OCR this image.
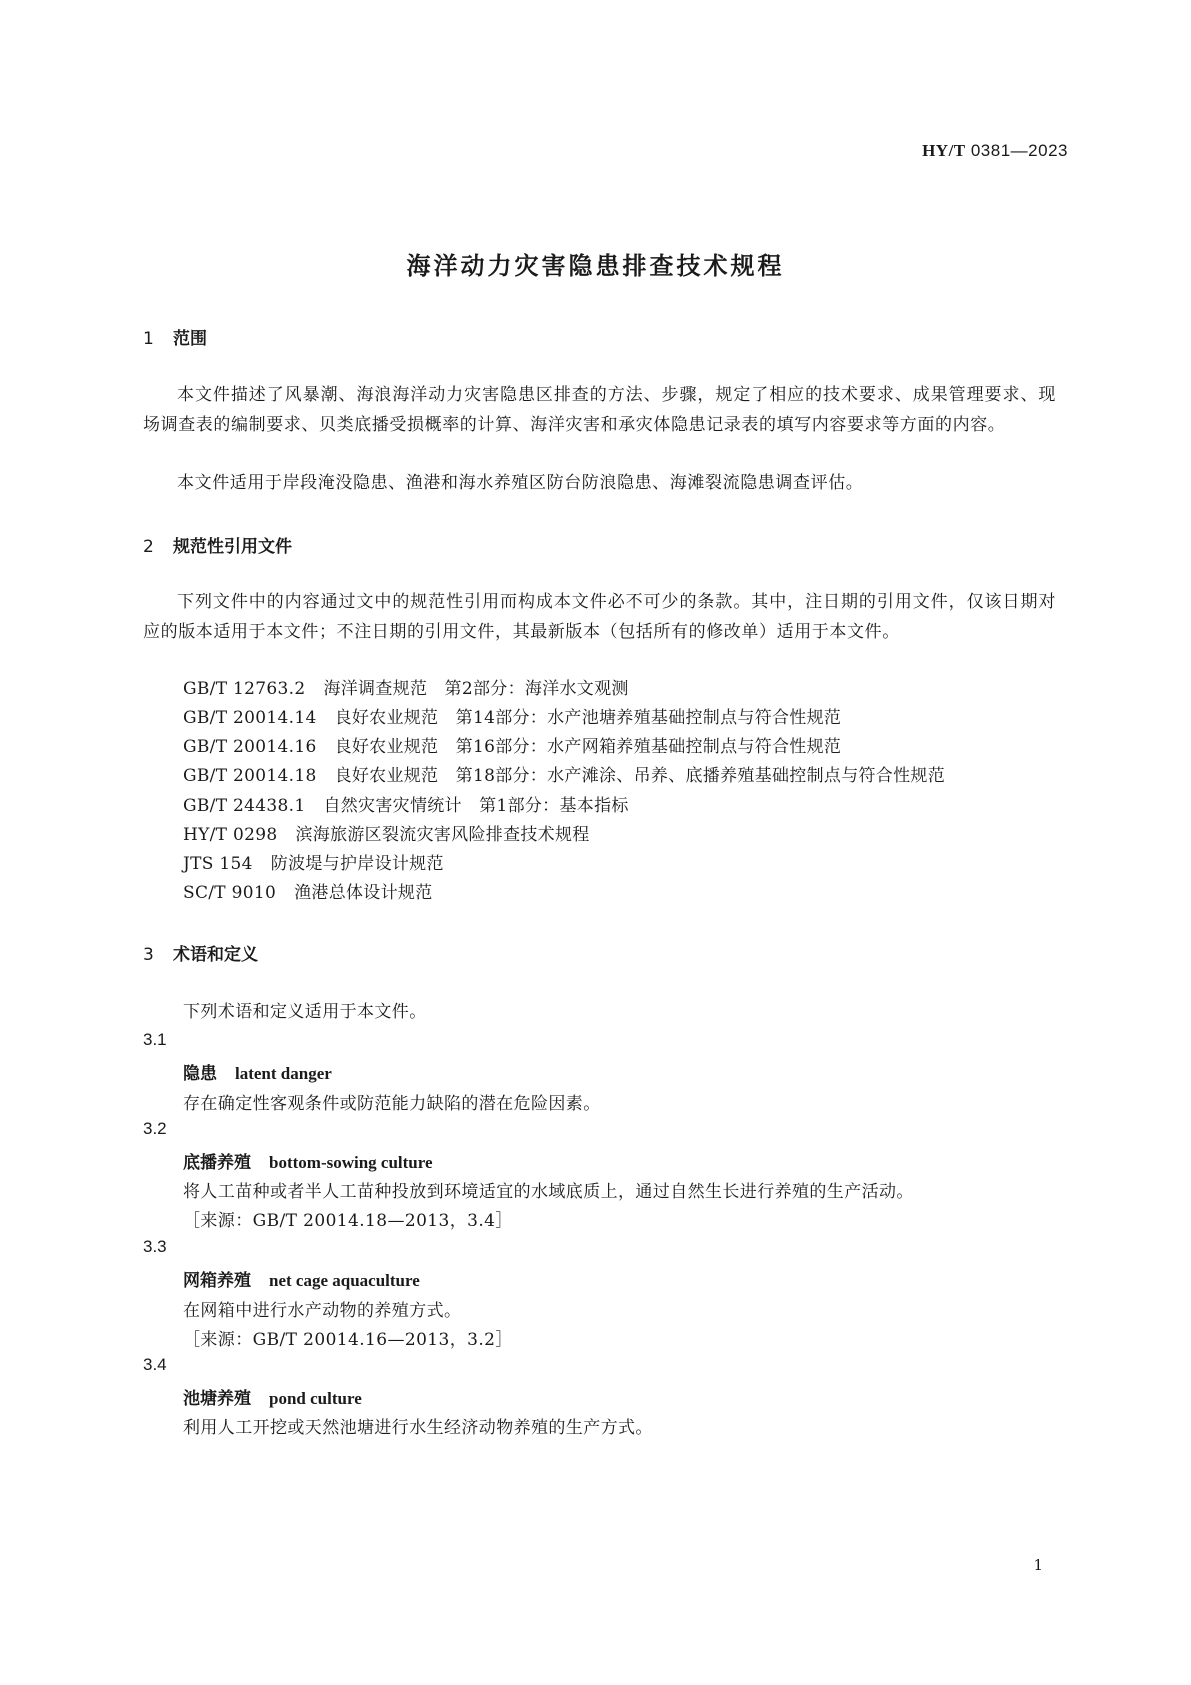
HY/T 0381—2023
海洋动力灾害隐患排查技术规程
1 范围
本文件描述了风暴潮、海浪海洋动力灾害隐患区排查的方法、步骤，规定了相应的技术要求、成果管理要求、现场调查表的编制要求、贝类底播受损概率的计算、海洋灾害和承灾体隐患记录表的填写内容要求等方面的内容。
本文件适用于岸段淹没隐患、渔港和海水养殖区防台防浪隐患、海滩裂流隐患调查评估。
2 规范性引用文件
下列文件中的内容通过文中的规范性引用而构成本文件必不可少的条款。其中，注日期的引用文件，仅该日期对应的版本适用于本文件；不注日期的引用文件，其最新版本（包括所有的修改单）适用于本文件。
GB/T 12763.2 海洋调查规范　第2部分：海洋水文观测
GB/T 20014.14 良好农业规范　第14部分：水产池塘养殖基础控制点与符合性规范
GB/T 20014.16 良好农业规范　第16部分：水产网箱养殖基础控制点与符合性规范
GB/T 20014.18 良好农业规范　第18部分：水产滩涂、吊养、底播养殖基础控制点与符合性规范
GB/T 24438.1 自然灾害灾情统计　第1部分：基本指标
HY/T 0298 滨海旅游区裂流灾害风险排查技术规程
JTS 154 防波堤与护岸设计规范
SC/T 9010 渔港总体设计规范
3 术语和定义
下列术语和定义适用于本文件。
3.1
隐患 latent danger
存在确定性客观条件或防范能力缺陷的潜在危险因素。
3.2
底播养殖 bottom-sowing culture
将人工苗种或者半人工苗种投放到环境适宜的水域底质上，通过自然生长进行养殖的生产活动。
［来源：GB/T 20014.18—2013，3.4］
3.3
网箱养殖 net cage aquaculture
在网箱中进行水产动物的养殖方式。
［来源：GB/T 20014.16—2013，3.2］
3.4
池塘养殖 pond culture
利用人工开挖或天然池塘进行水生经济动物养殖的生产方式。
1
